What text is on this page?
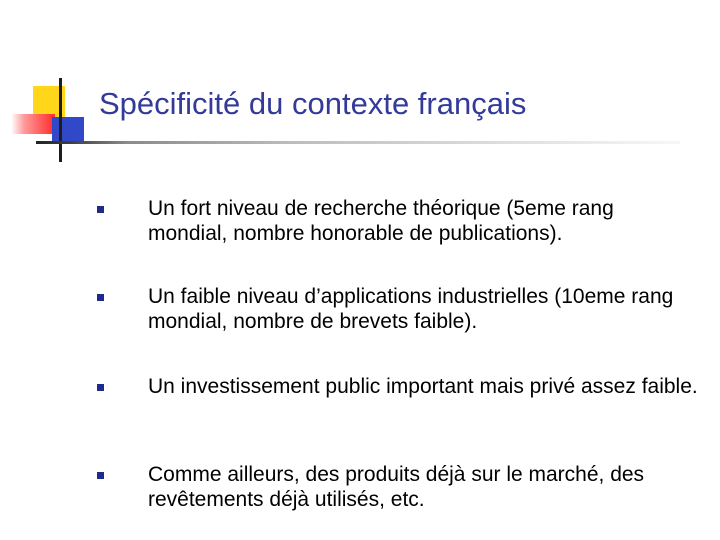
Spécificité du contexte français
Un fort niveau de recherche théorique (5eme rang mondial, nombre honorable de publications).
Un faible niveau d’applications industrielles (10eme rang mondial, nombre de brevets faible).
Un investissement public important mais privé assez faible.
Comme ailleurs, des produits déjà sur le marché, des revêtements déjà utilisés, etc.
